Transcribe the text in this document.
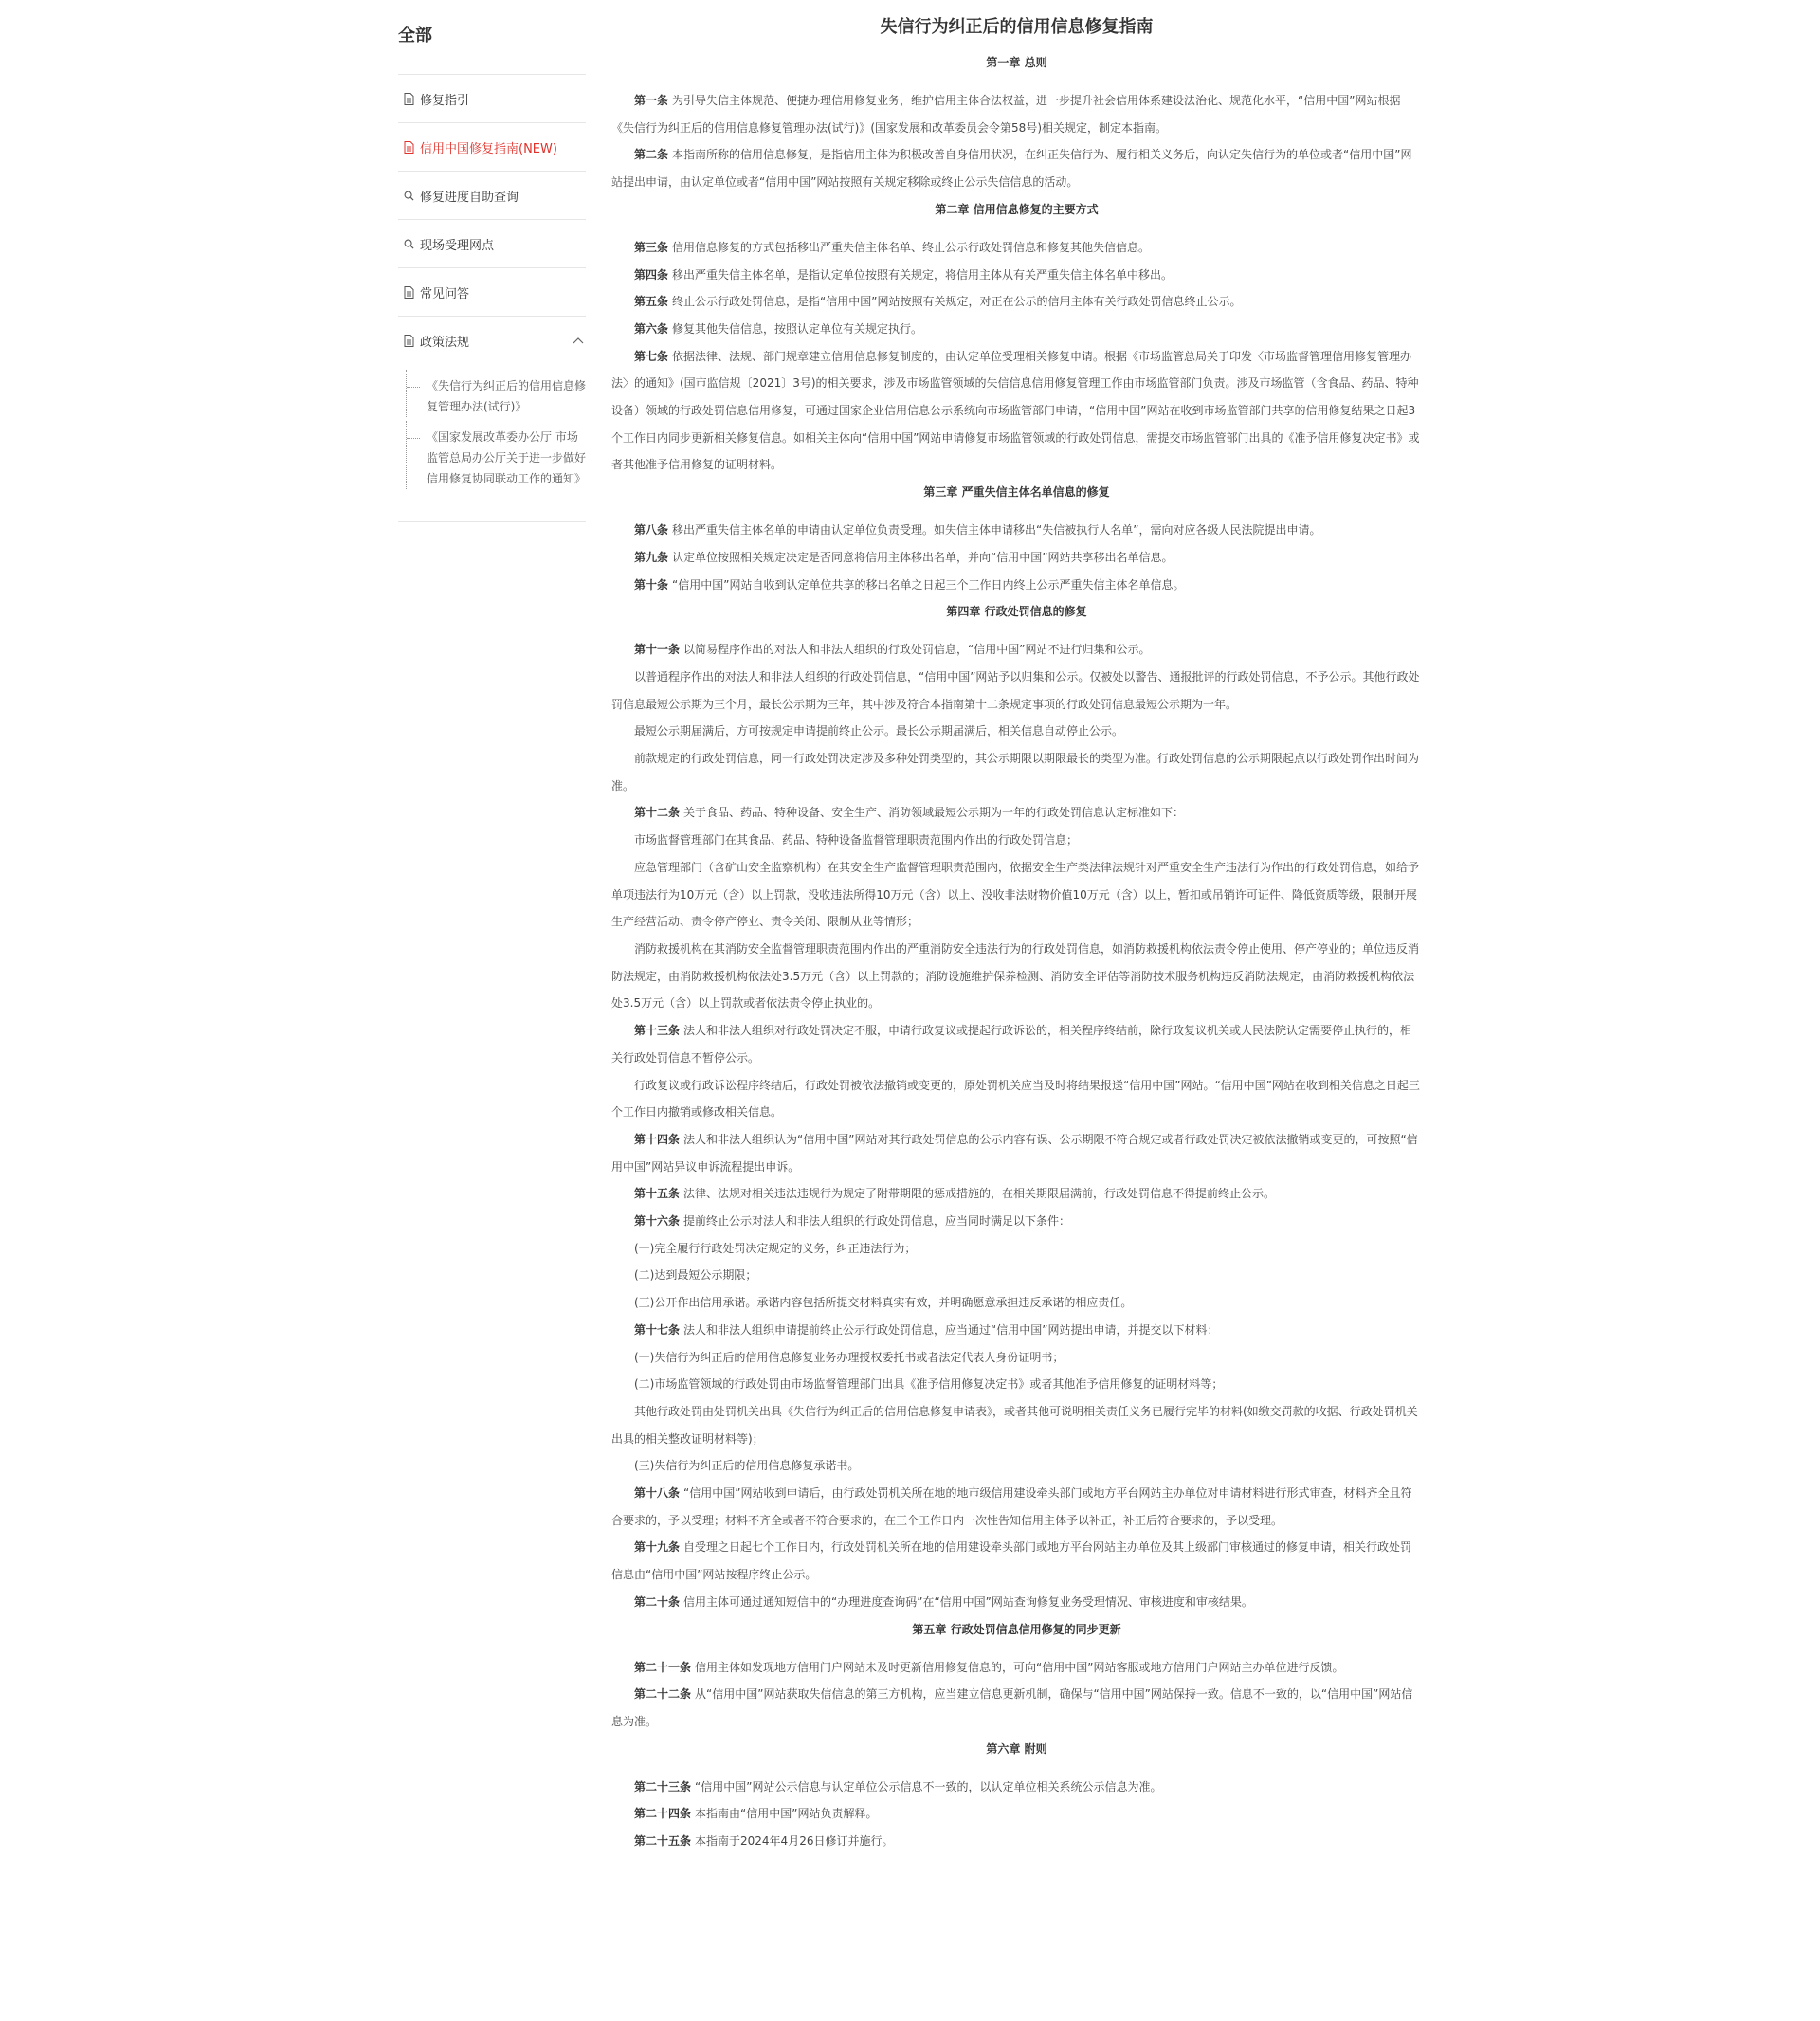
全部
修复指引
信用中国修复指南(NEW)
修复进度自助查询
现场受理网点
常见问答
政策法规
《失信行为纠正后的信用信息修复管理办法(试行)》
《国家发展改革委办公厅 市场监管总局办公厅关于进一步做好信用修复协同联动工作的通知》
失信行为纠正后的信用信息修复指南
第一章 总则

第一条 为引导失信主体规范、便捷办理信用修复业务，维护信用主体合法权益，进一步提升社会信用体系建设法治化、规范化水平，“信用中国”网站根据《失信行为纠正后的信用信息修复管理办法(试行)》(国家发展和改革委员会令第58号)相关规定，制定本指南。

第二条 本指南所称的信用信息修复，是指信用主体为积极改善自身信用状况，在纠正失信行为、履行相关义务后，向认定失信行为的单位或者“信用中国”网站提出申请，由认定单位或者“信用中国”网站按照有关规定移除或终止公示失信信息的活动。

第二章 信用信息修复的主要方式

第三条 信用信息修复的方式包括移出严重失信主体名单、终止公示行政处罚信息和修复其他失信信息。

第四条 移出严重失信主体名单，是指认定单位按照有关规定，将信用主体从有关严重失信主体名单中移出。

第五条 终止公示行政处罚信息，是指“信用中国”网站按照有关规定，对正在公示的信用主体有关行政处罚信息终止公示。

第六条 修复其他失信信息，按照认定单位有关规定执行。

第七条 依据法律、法规、部门规章建立信用信息修复制度的，由认定单位受理相关修复申请。根据《市场监管总局关于印发〈市场监督管理信用修复管理办法〉的通知》(国市监信规〔2021〕3号)的相关要求，涉及市场监管领域的失信信息信用修复管理工作由市场监管部门负责。涉及市场监管（含食品、药品、特种设备）领域的行政处罚信息信用修复，可通过国家企业信用信息公示系统向市场监管部门申请，“信用中国”网站在收到市场监管部门共享的信用修复结果之日起3个工作日内同步更新相关修复信息。如相关主体向“信用中国”网站申请修复市场监管领域的行政处罚信息，需提交市场监管部门出具的《准予信用修复决定书》或者其他准予信用修复的证明材料。

第三章 严重失信主体名单信息的修复

第八条 移出严重失信主体名单的申请由认定单位负责受理。如失信主体申请移出“失信被执行人名单”，需向对应各级人民法院提出申请。

第九条 认定单位按照相关规定决定是否同意将信用主体移出名单，并向“信用中国”网站共享移出名单信息。

第十条 “信用中国”网站自收到认定单位共享的移出名单之日起三个工作日内终止公示严重失信主体名单信息。

第四章 行政处罚信息的修复

第十一条 以简易程序作出的对法人和非法人组织的行政处罚信息，“信用中国”网站不进行归集和公示。

以普通程序作出的对法人和非法人组织的行政处罚信息，“信用中国”网站予以归集和公示。仅被处以警告、通报批评的行政处罚信息，不予公示。其他行政处罚信息最短公示期为三个月，最长公示期为三年，其中涉及符合本指南第十二条规定事项的行政处罚信息最短公示期为一年。

最短公示期届满后，方可按规定申请提前终止公示。最长公示期届满后，相关信息自动停止公示。

前款规定的行政处罚信息，同一行政处罚决定涉及多种处罚类型的，其公示期限以期限最长的类型为准。行政处罚信息的公示期限起点以行政处罚作出时间为准。

第十二条 关于食品、药品、特种设备、安全生产、消防领域最短公示期为一年的行政处罚信息认定标准如下：

市场监督管理部门在其食品、药品、特种设备监督管理职责范围内作出的行政处罚信息；

应急管理部门（含矿山安全监察机构）在其安全生产监督管理职责范围内，依据安全生产类法律法规针对严重安全生产违法行为作出的行政处罚信息，如给予单项违法行为10万元（含）以上罚款，没收违法所得10万元（含）以上、没收非法财物价值10万元（含）以上，暂扣或吊销许可证件、降低资质等级，限制开展生产经营活动、责令停产停业、责令关闭、限制从业等情形；

消防救援机构在其消防安全监督管理职责范围内作出的严重消防安全违法行为的行政处罚信息，如消防救援机构依法责令停止使用、停产停业的；单位违反消防法规定，由消防救援机构依法处3.5万元（含）以上罚款的；消防设施维护保养检测、消防安全评估等消防技术服务机构违反消防法规定，由消防救援机构依法处3.5万元（含）以上罚款或者依法责令停止执业的。

第十三条 法人和非法人组织对行政处罚决定不服，申请行政复议或提起行政诉讼的，相关程序终结前，除行政复议机关或人民法院认定需要停止执行的，相关行政处罚信息不暂停公示。

行政复议或行政诉讼程序终结后，行政处罚被依法撤销或变更的，原处罚机关应当及时将结果报送“信用中国”网站。“信用中国”网站在收到相关信息之日起三个工作日内撤销或修改相关信息。

第十四条 法人和非法人组织认为“信用中国”网站对其行政处罚信息的公示内容有误、公示期限不符合规定或者行政处罚决定被依法撤销或变更的，可按照“信用中国”网站异议申诉流程提出申诉。

第十五条 法律、法规对相关违法违规行为规定了附带期限的惩戒措施的，在相关期限届满前，行政处罚信息不得提前终止公示。

第十六条 提前终止公示对法人和非法人组织的行政处罚信息，应当同时满足以下条件：

(一)完全履行行政处罚决定规定的义务，纠正违法行为；

(二)达到最短公示期限；

(三)公开作出信用承诺。承诺内容包括所提交材料真实有效，并明确愿意承担违反承诺的相应责任。

第十七条 法人和非法人组织申请提前终止公示行政处罚信息，应当通过“信用中国”网站提出申请，并提交以下材料：

(一)失信行为纠正后的信用信息修复业务办理授权委托书或者法定代表人身份证明书；

(二)市场监管领域的行政处罚由市场监督管理部门出具《准予信用修复决定书》或者其他准予信用修复的证明材料等；

其他行政处罚由处罚机关出具《失信行为纠正后的信用信息修复申请表》，或者其他可说明相关责任义务已履行完毕的材料(如缴交罚款的收据、行政处罚机关出具的相关整改证明材料等)；

(三)失信行为纠正后的信用信息修复承诺书。

第十八条 “信用中国”网站收到申请后，由行政处罚机关所在地的地市级信用建设牵头部门或地方平台网站主办单位对申请材料进行形式审查，材料齐全且符合要求的，予以受理；材料不齐全或者不符合要求的，在三个工作日内一次性告知信用主体予以补正，补正后符合要求的，予以受理。

第十九条 自受理之日起七个工作日内，行政处罚机关所在地的信用建设牵头部门或地方平台网站主办单位及其上级部门审核通过的修复申请，相关行政处罚信息由“信用中国”网站按程序终止公示。

第二十条 信用主体可通过通知短信中的“办理进度查询码”在“信用中国”网站查询修复业务受理情况、审核进度和审核结果。

第五章 行政处罚信息信用修复的同步更新

第二十一条 信用主体如发现地方信用门户网站未及时更新信用修复信息的，可向“信用中国”网站客服或地方信用门户网站主办单位进行反馈。

第二十二条 从“信用中国”网站获取失信信息的第三方机构，应当建立信息更新机制，确保与“信用中国”网站保持一致。信息不一致的，以“信用中国”网站信息为准。

第六章 附则

第二十三条 “信用中国”网站公示信息与认定单位公示信息不一致的，以认定单位相关系统公示信息为准。

第二十四条 本指南由“信用中国”网站负责解释。

第二十五条 本指南于2024年4月26日修订并施行。
